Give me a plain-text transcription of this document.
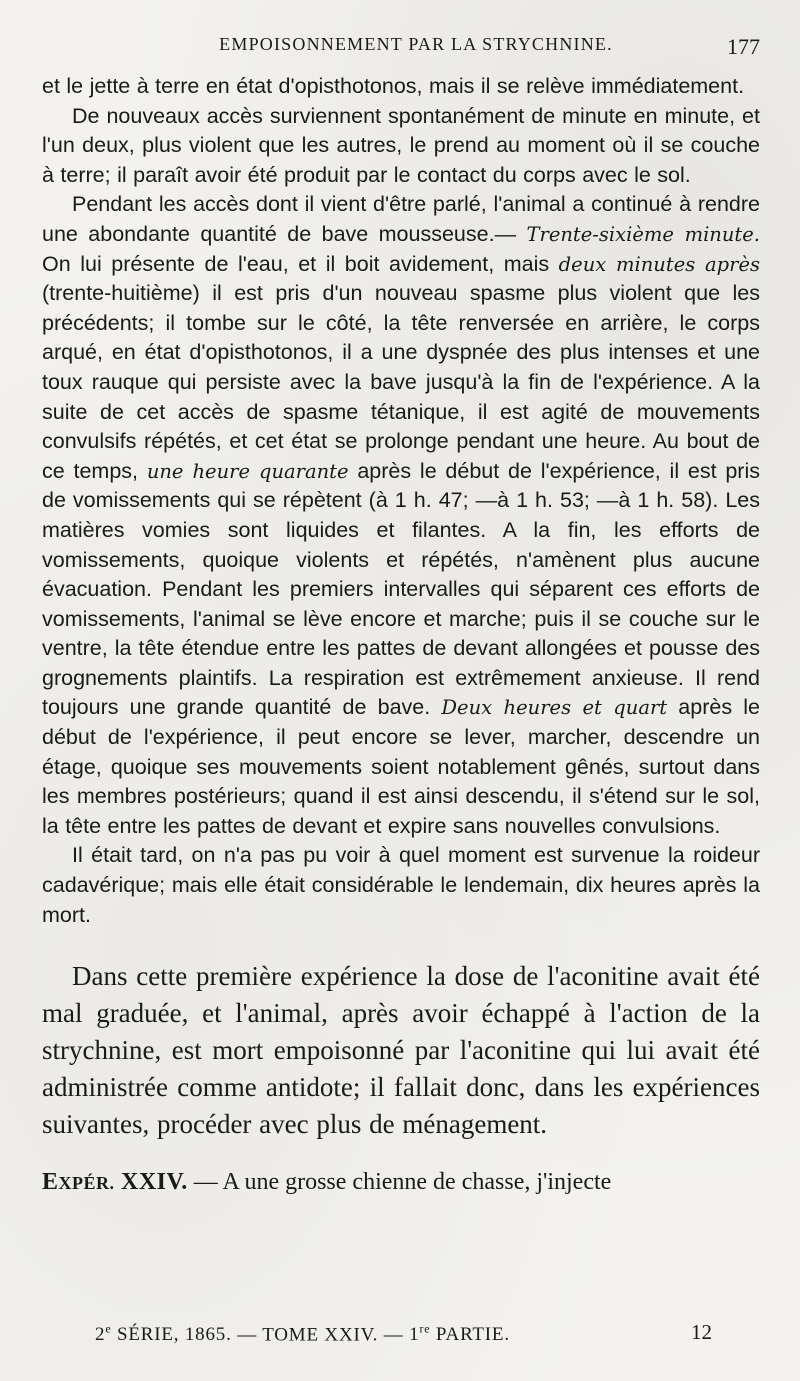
EMPOISONNEMENT PAR LA STRYCHNINE.	177

et le jette à terre en état d'opisthotonos, mais il se relève immédiatement.

De nouveaux accès surviennent spontanément de minute en minute, et l'un deux, plus violent que les autres, le prend au moment où il se couche à terre; il paraît avoir été produit par le contact du corps avec le sol.

Pendant les accès dont il vient d'être parlé, l'animal a continué à rendre une abondante quantité de bave mousseuse.— Trente-sixième minute. On lui présente de l'eau, et il boit avidement, mais deux minutes après (trente-huitième) il est pris d'un nouveau spasme plus violent que les précédents; il tombe sur le côté, la tête renversée en arrière, le corps arqué, en état d'opisthotonos, il a une dyspnée des plus intenses et une toux rauque qui persiste avec la bave jusqu'à la fin de l'expérience. A la suite de cet accès de spasme tétanique, il est agité de mouvements convulsifs répétés, et cet état se prolonge pendant une heure. Au bout de ce temps, une heure quarante après le début de l'expérience, il est pris de vomissements qui se répètent (à 1 h. 47; —à 1 h. 53; —à 1 h. 58). Les matières vomies sont liquides et filantes. A la fin, les efforts de vomissements, quoique violents et répétés, n'amènent plus aucune évacuation. Pendant les premiers intervalles qui séparent ces efforts de vomissements, l'animal se lève encore et marche; puis il se couche sur le ventre, la tête étendue entre les pattes de devant allongées et pousse des grognements plaintifs. La respiration est extrêmement anxieuse. Il rend toujours une grande quantité de bave. Deux heures et quart après le début de l'expérience, il peut encore se lever, marcher, descendre un étage, quoique ses mouvements soient notablement gênés, surtout dans les membres postérieurs; quand il est ainsi descendu, il s'étend sur le sol, la tête entre les pattes de devant et expire sans nouvelles convulsions.

Il était tard, on n'a pas pu voir à quel moment est survenue la roideur cadavérique; mais elle était considérable le lendemain, dix heures après la mort.

Dans cette première expérience la dose de l'aconitine avait été mal graduée, et l'animal, après avoir échappé à l'action de la strychnine, est mort empoisonné par l'aconitine qui lui avait été administrée comme antidote; il fallait donc, dans les expériences suivantes, procéder avec plus de ménagement.

EXPÉR. XXIV. — A une grosse chienne de chasse, j'injecte
2e SÉRIE, 1865. — TOME XXIV. — 1re PARTIE.	12
